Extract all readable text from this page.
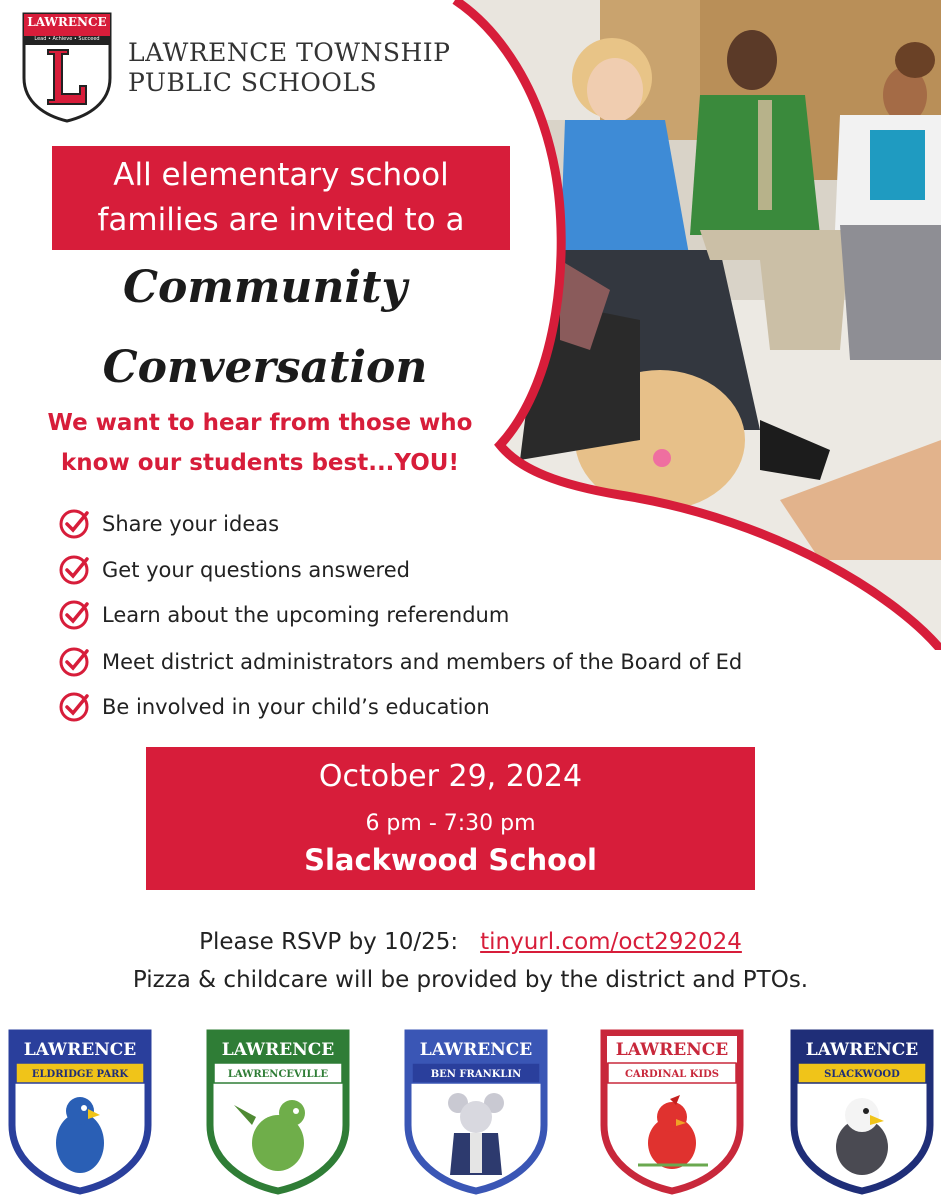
LAWRENCE
Lead • Achieve • Succeed	LAWRENCE TOWNSHIP
PUBLIC SCHOOLS
All elementary school
families are invited to a
Community
Conversation
We want to hear from those who
know our students best...YOU!
Share your ideas
Get your questions answered
Learn about the upcoming referendum
Meet district administrators and members of the Board of Ed
Be involved in your child’s education
October 29, 2024
6 pm - 7:30 pm
Slackwood School
Please RSVP by 10/25: tinyurl.com/oct292024
Pizza & childcare will be provided by the district and PTOs.
LAWRENCE
ELDRIDGE PARK
LAWRENCE
LAWRENCEVILLE
LAWRENCE
BEN FRANKLIN
LAWRENCE
CARDINAL KIDS
LAWRENCE
SLACKWOOD
